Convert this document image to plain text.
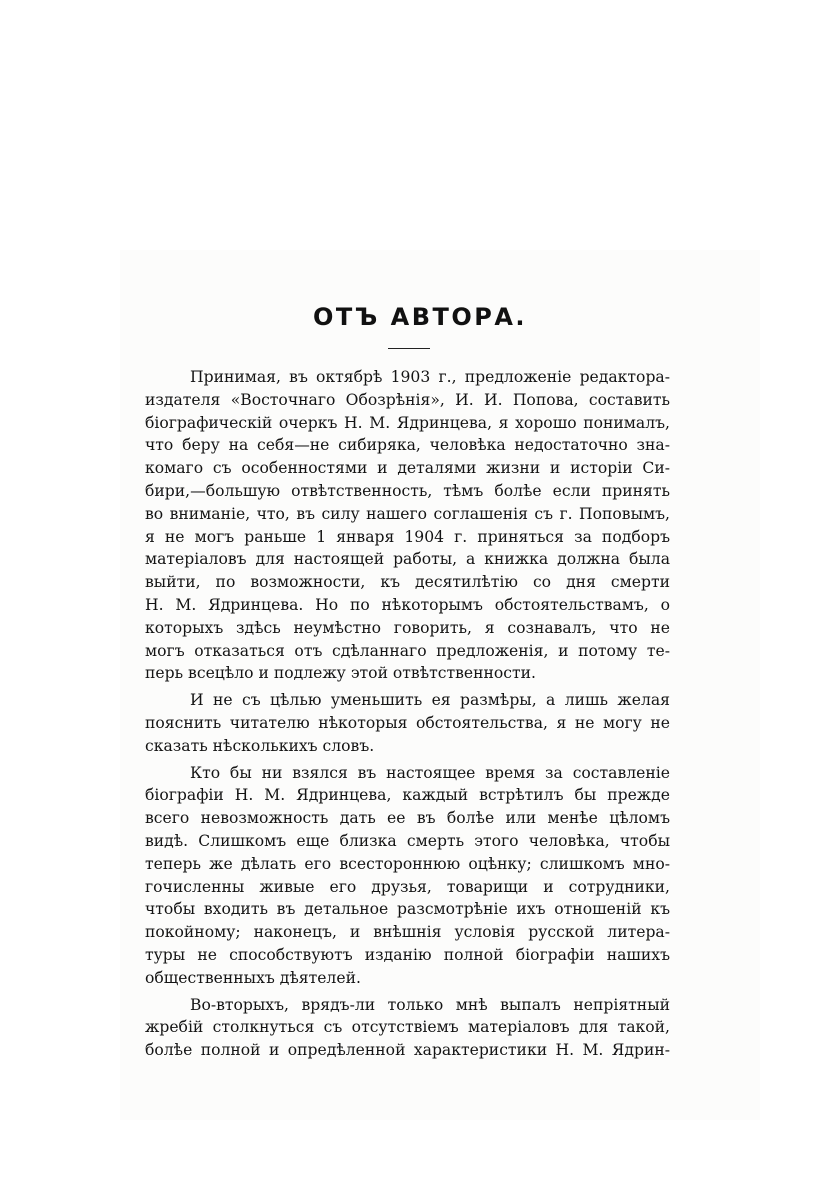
ОТЪ АВТОРА.

Принимая, въ октябрѣ 1903 г., предложеніе редактора-
издателя «Восточнаго Обозрѣнія», И. И. Попова, составить
біографическій очеркъ Н. М. Ядринцева, я хорошо понималъ,
что беру на себя—не сибиряка, человѣка недостаточно зна-
комаго съ особенностями и деталями жизни и исторіи Си-
бири,—большую отвѣтственность, тѣмъ болѣе если принять
во вниманіе, что, въ силу нашего соглашенія съ г. Поповымъ,
я не могъ раньше 1 января 1904 г. приняться за подборъ
матеріаловъ для настоящей работы, а книжка должна была
выйти, по возможности, къ десятилѣтію со дня смерти
Н. М. Ядринцева. Но по нѣкоторымъ обстоятельствамъ, о
которыхъ здѣсь неумѣстно говорить, я сознавалъ, что не
могъ отказаться отъ сдѣланнаго предложенія, и потому те-
перь всецѣло и подлежу этой отвѣтственности.

И не съ цѣлью уменьшить ея размѣры, а лишь желая
пояснить читателю нѣкоторыя обстоятельства, я не могу не
сказать нѣсколькихъ словъ.

Кто бы ни взялся въ настоящее время за составленіе
біографіи Н. М. Ядринцева, каждый встрѣтилъ бы прежде
всего невозможность дать ее въ болѣе или менѣе цѣломъ
видѣ. Слишкомъ еще близка смерть этого человѣка, чтобы
теперь же дѣлать его всестороннюю оцѣнку; слишкомъ мно-
гочисленны живые его друзья, товарищи и сотрудники,
чтобы входить въ детальное разсмотрѣніе ихъ отношеній къ
покойному; наконецъ, и внѣшнія условія русской литера-
туры не способствуютъ изданію полной біографіи нашихъ
общественныхъ дѣятелей.

Во-вторыхъ, врядъ-ли только мнѣ выпалъ непріятный
жребій столкнуться съ отсутствіемъ матеріаловъ для такой,
болѣе полной и опредѣленной характеристики Н. М. Ядрин-
